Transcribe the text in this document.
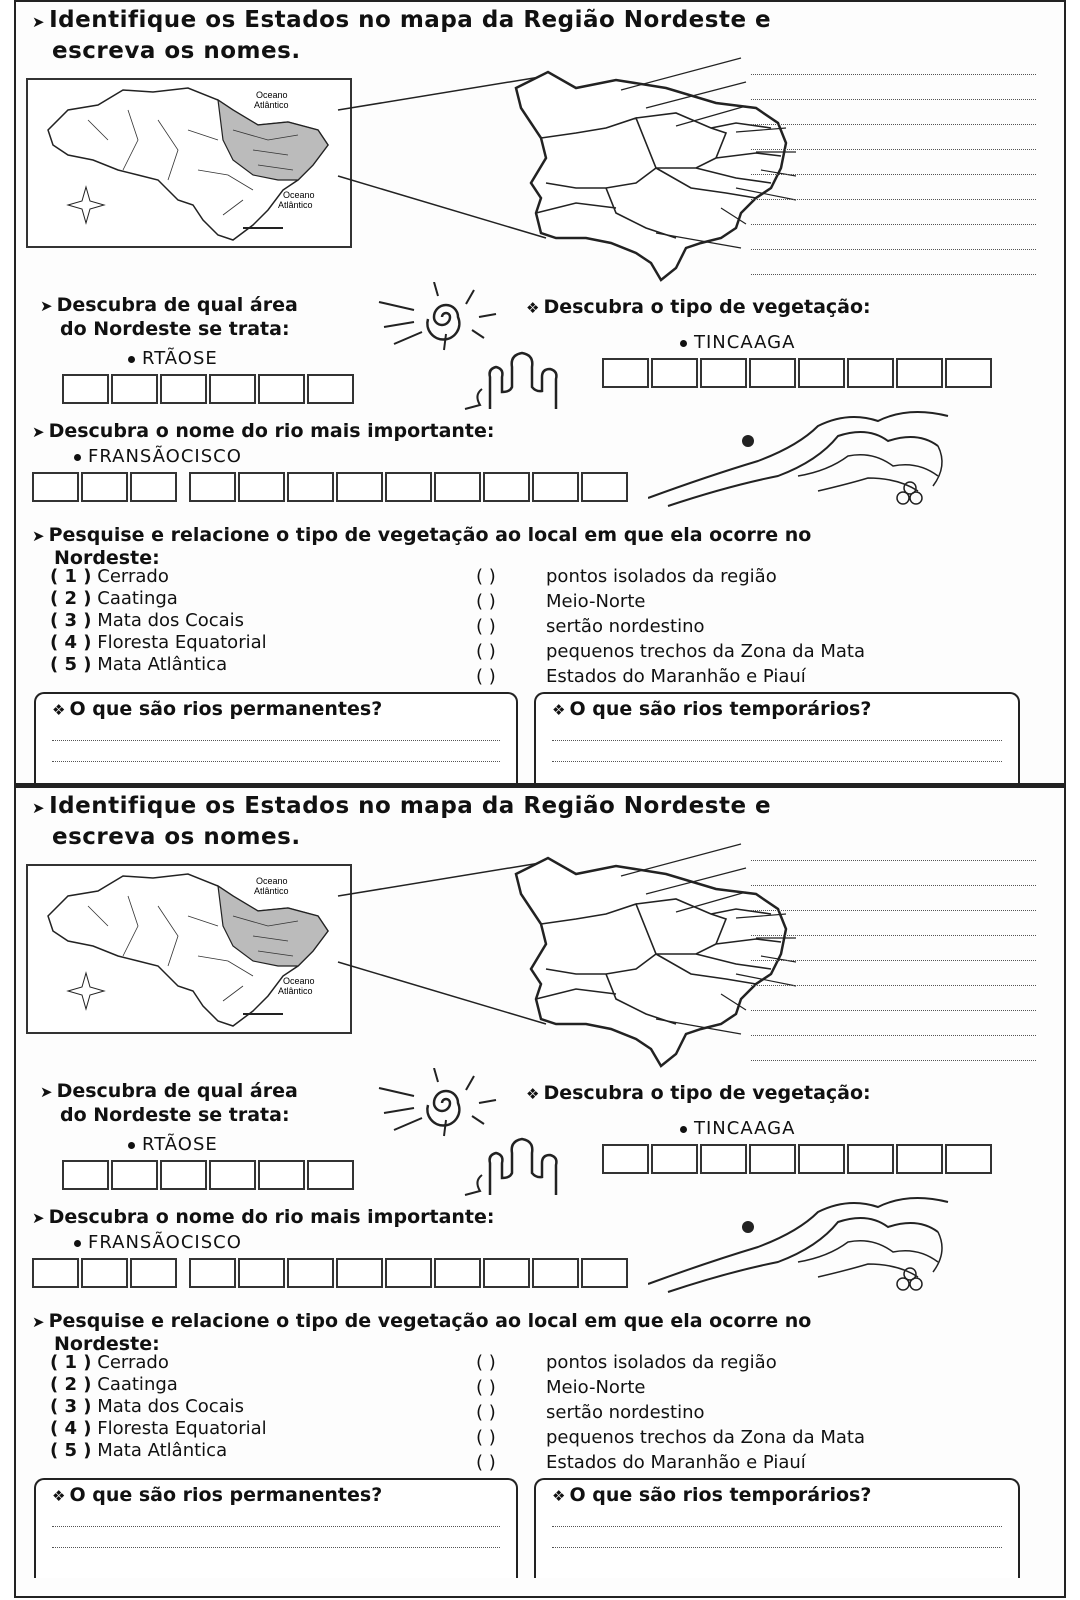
➤ Identifique os Estados no mapa da Região Nordeste e
escreva os nomes.
Oceano
Atlântico
Oceano
Atlântico
➤ Descubra de qual área
do Nordeste se trata:
RTÃOSE
❖ Descubra o tipo de vegetação:
TINCAAGA
➤ Descubra o nome do rio mais importante:
FRANSÃOCISCO
➤ Pesquise e relacione o tipo de vegetação ao local em que ela ocorre no
Nordeste:
( 1 ) Cerrado
( 2 ) Caatinga
( 3 ) Mata dos Cocais
( 4 ) Floresta Equatorial
( 5 ) Mata Atlântica
( )	pontos isolados da região
( )	Meio-Norte
( )	sertão nordestino
( )	pequenos trechos da Zona da Mata
( )	Estados do Maranhão e Piauí
❖ O que são rios permanentes?	❖ O que são rios temporários?
➤ Identifique os Estados no mapa da Região Nordeste e
escreva os nomes.
Oceano
Atlântico
Oceano
Atlântico
➤ Descubra de qual área
do Nordeste se trata:
RTÃOSE
❖ Descubra o tipo de vegetação:
TINCAAGA
➤ Descubra o nome do rio mais importante:
FRANSÃOCISCO
➤ Pesquise e relacione o tipo de vegetação ao local em que ela ocorre no
Nordeste:
( 1 ) Cerrado
( 2 ) Caatinga
( 3 ) Mata dos Cocais
( 4 ) Floresta Equatorial
( 5 ) Mata Atlântica
( )	pontos isolados da região
( )	Meio-Norte
( )	sertão nordestino
( )	pequenos trechos da Zona da Mata
( )	Estados do Maranhão e Piauí
❖ O que são rios permanentes?	❖ O que são rios temporários?
